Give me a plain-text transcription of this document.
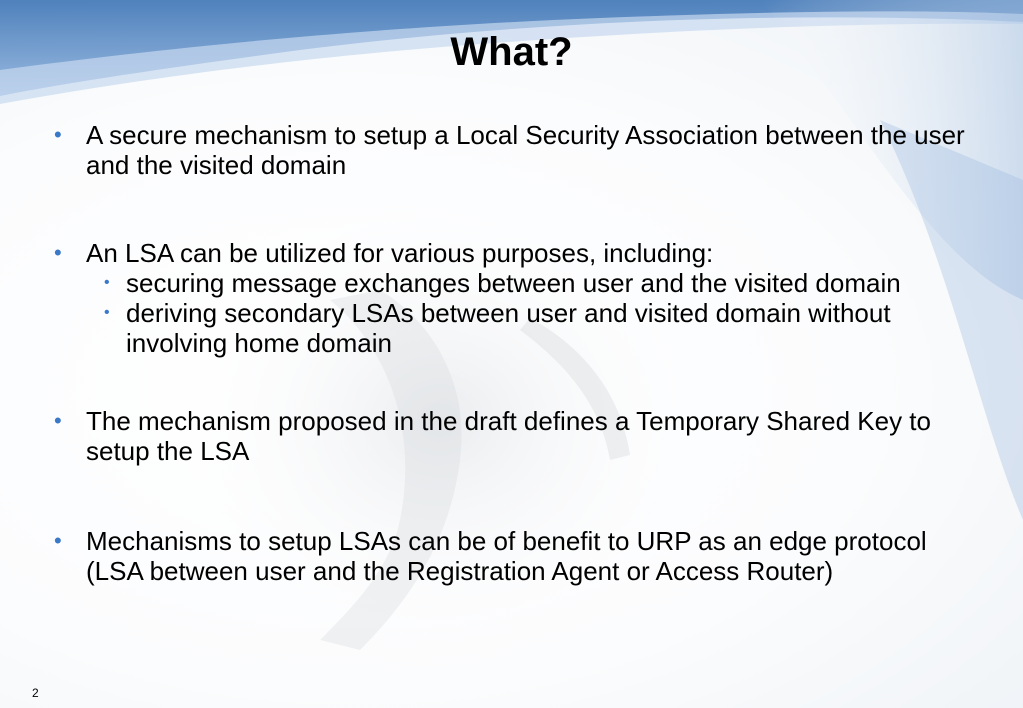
What?
• A secure mechanism to setup a Local Security Association between the user and the visited domain
• An LSA can be utilized for various purposes, including:
• securing message exchanges between user and the visited domain
• deriving secondary LSAs between user and visited domain without involving home domain
• The mechanism proposed in the draft defines a Temporary Shared Key to setup the LSA
• Mechanisms to setup LSAs can be of benefit to URP as an edge protocol (LSA between user and the Registration Agent or Access Router)
2
